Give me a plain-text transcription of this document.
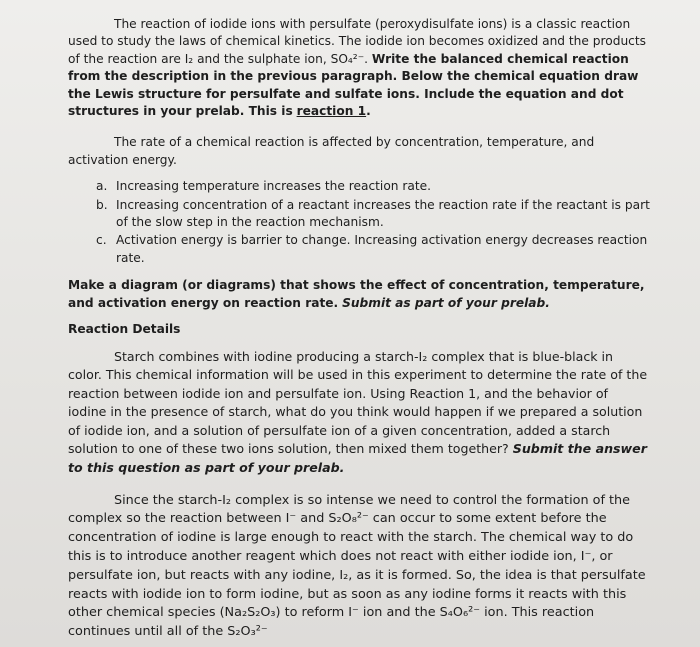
The reaction of iodide ions with persulfate (peroxydisulfate ions) is a classic reaction used to study the laws of chemical kinetics. The iodide ion becomes oxidized and the products of the reaction are I₂ and the sulphate ion, SO₄²⁻. Write the balanced chemical reaction from the description in the previous paragraph. Below the chemical equation draw the Lewis structure for persulfate and sulfate ions. Include the equation and dot structures in your prelab. This is reaction 1.

The rate of a chemical reaction is affected by concentration, temperature, and activation energy.

a. Increasing temperature increases the reaction rate.
b. Increasing concentration of a reactant increases the reaction rate if the reactant is part of the slow step in the reaction mechanism.
c. Activation energy is barrier to change. Increasing activation energy decreases reaction rate.

Make a diagram (or diagrams) that shows the effect of concentration, temperature, and activation energy on reaction rate. Submit as part of your prelab.

Reaction Details

Starch combines with iodine producing a starch-I₂ complex that is blue-black in color. This chemical information will be used in this experiment to determine the rate of the reaction between iodide ion and persulfate ion. Using Reaction 1, and the behavior of iodine in the presence of starch, what do you think would happen if we prepared a solution of iodide ion, and a solution of persulfate ion of a given concentration, added a starch solution to one of these two ions solution, then mixed them together? Submit the answer to this question as part of your prelab.

Since the starch-I₂ complex is so intense we need to control the formation of the complex so the reaction between I⁻ and S₂O₈²⁻ can occur to some extent before the concentration of iodine is large enough to react with the starch. The chemical way to do this is to introduce another reagent which does not react with either iodide ion, I⁻, or persulfate ion, but reacts with any iodine, I₂, as it is formed. So, the idea is that persulfate reacts with iodide ion to form iodine, but as soon as any iodine forms it reacts with this other chemical species (Na₂S₂O₃) to reform I⁻ ion and the S₄O₆²⁻ ion. This reaction continues until all of the S₂O₃²⁻
